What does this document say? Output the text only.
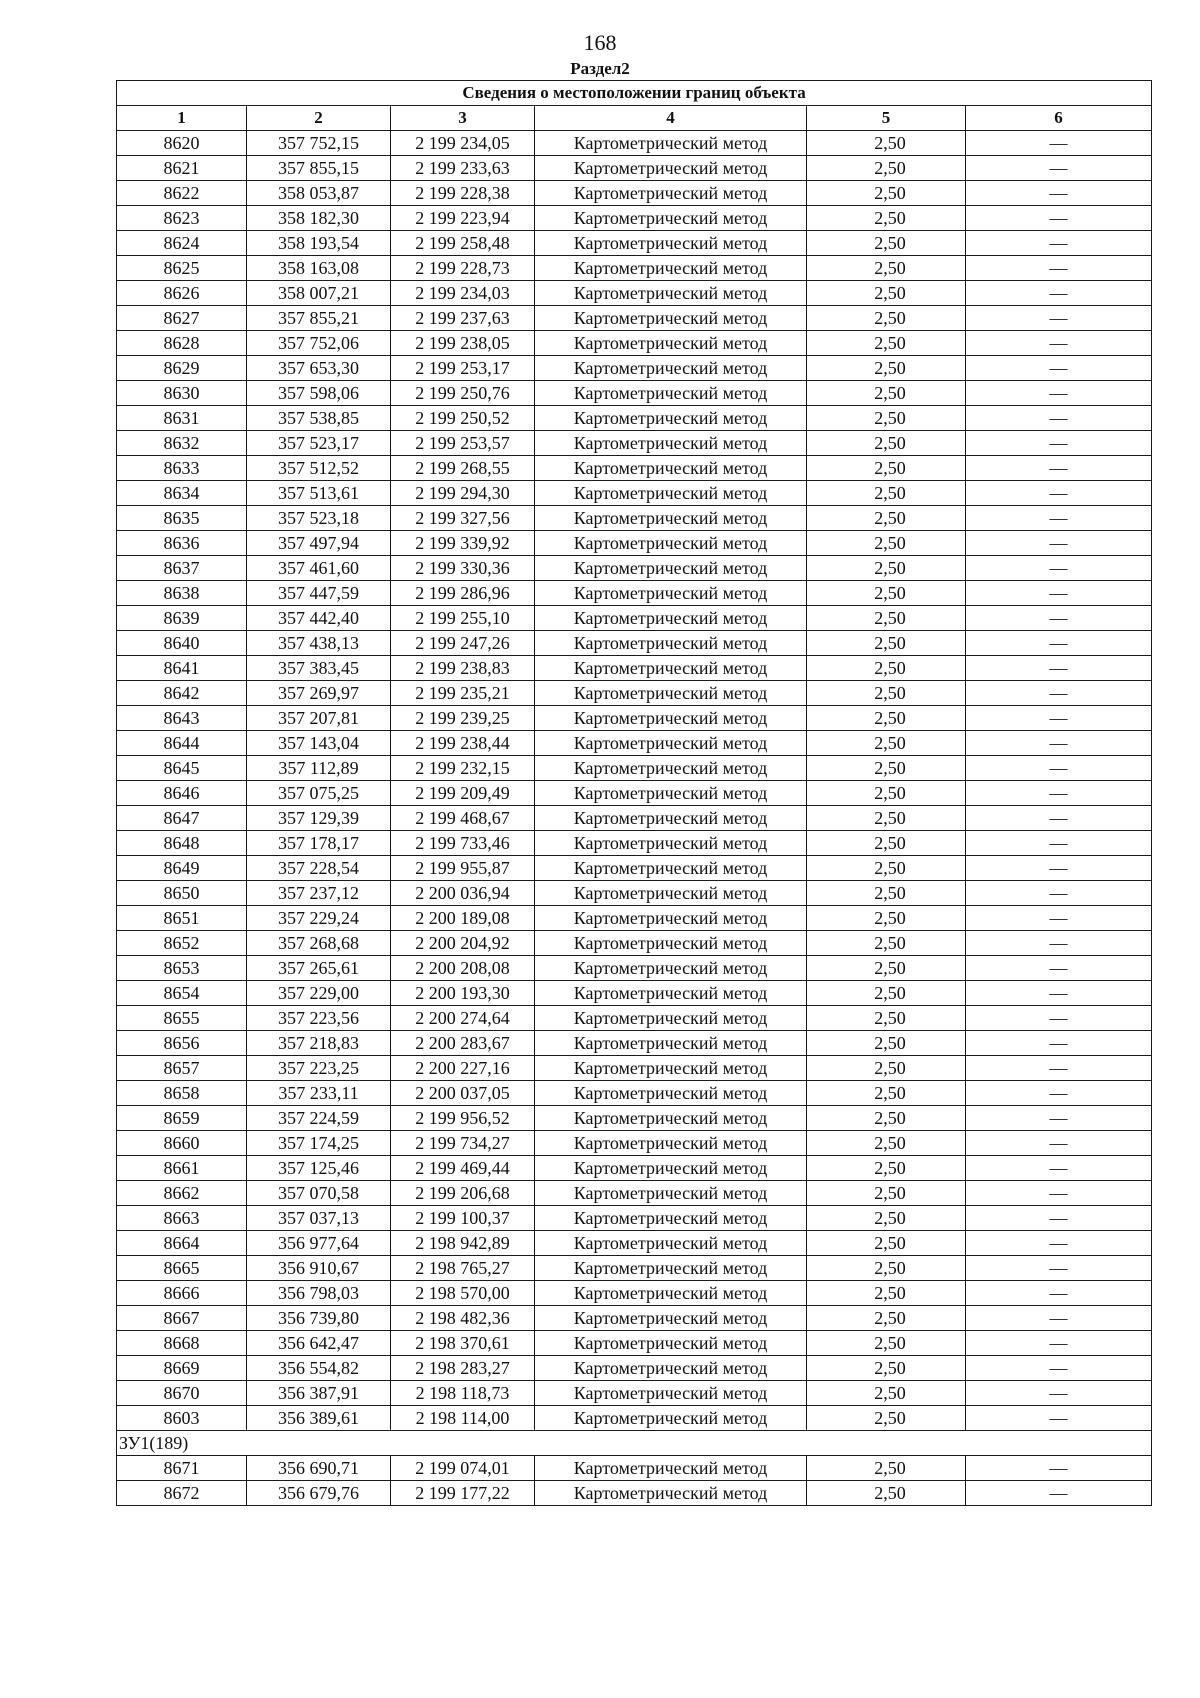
168
Раздел2
Сведения о местоположении границ объекта					
1	2	3	4	5	6
8620	357 752,15	2 199 234,05	Картометрический метод	2,50	—
8621	357 855,15	2 199 233,63	Картометрический метод	2,50	—
8622	358 053,87	2 199 228,38	Картометрический метод	2,50	—
8623	358 182,30	2 199 223,94	Картометрический метод	2,50	—
8624	358 193,54	2 199 258,48	Картометрический метод	2,50	—
8625	358 163,08	2 199 228,73	Картометрический метод	2,50	—
8626	358 007,21	2 199 234,03	Картометрический метод	2,50	—
8627	357 855,21	2 199 237,63	Картометрический метод	2,50	—
8628	357 752,06	2 199 238,05	Картометрический метод	2,50	—
8629	357 653,30	2 199 253,17	Картометрический метод	2,50	—
8630	357 598,06	2 199 250,76	Картометрический метод	2,50	—
8631	357 538,85	2 199 250,52	Картометрический метод	2,50	—
8632	357 523,17	2 199 253,57	Картометрический метод	2,50	—
8633	357 512,52	2 199 268,55	Картометрический метод	2,50	—
8634	357 513,61	2 199 294,30	Картометрический метод	2,50	—
8635	357 523,18	2 199 327,56	Картометрический метод	2,50	—
8636	357 497,94	2 199 339,92	Картометрический метод	2,50	—
8637	357 461,60	2 199 330,36	Картометрический метод	2,50	—
8638	357 447,59	2 199 286,96	Картометрический метод	2,50	—
8639	357 442,40	2 199 255,10	Картометрический метод	2,50	—
8640	357 438,13	2 199 247,26	Картометрический метод	2,50	—
8641	357 383,45	2 199 238,83	Картометрический метод	2,50	—
8642	357 269,97	2 199 235,21	Картометрический метод	2,50	—
8643	357 207,81	2 199 239,25	Картометрический метод	2,50	—
8644	357 143,04	2 199 238,44	Картометрический метод	2,50	—
8645	357 112,89	2 199 232,15	Картометрический метод	2,50	—
8646	357 075,25	2 199 209,49	Картометрический метод	2,50	—
8647	357 129,39	2 199 468,67	Картометрический метод	2,50	—
8648	357 178,17	2 199 733,46	Картометрический метод	2,50	—
8649	357 228,54	2 199 955,87	Картометрический метод	2,50	—
8650	357 237,12	2 200 036,94	Картометрический метод	2,50	—
8651	357 229,24	2 200 189,08	Картометрический метод	2,50	—
8652	357 268,68	2 200 204,92	Картометрический метод	2,50	—
8653	357 265,61	2 200 208,08	Картометрический метод	2,50	—
8654	357 229,00	2 200 193,30	Картометрический метод	2,50	—
8655	357 223,56	2 200 274,64	Картометрический метод	2,50	—
8656	357 218,83	2 200 283,67	Картометрический метод	2,50	—
8657	357 223,25	2 200 227,16	Картометрический метод	2,50	—
8658	357 233,11	2 200 037,05	Картометрический метод	2,50	—
8659	357 224,59	2 199 956,52	Картометрический метод	2,50	—
8660	357 174,25	2 199 734,27	Картометрический метод	2,50	—
8661	357 125,46	2 199 469,44	Картометрический метод	2,50	—
8662	357 070,58	2 199 206,68	Картометрический метод	2,50	—
8663	357 037,13	2 199 100,37	Картометрический метод	2,50	—
8664	356 977,64	2 198 942,89	Картометрический метод	2,50	—
8665	356 910,67	2 198 765,27	Картометрический метод	2,50	—
8666	356 798,03	2 198 570,00	Картометрический метод	2,50	—
8667	356 739,80	2 198 482,36	Картометрический метод	2,50	—
8668	356 642,47	2 198 370,61	Картометрический метод	2,50	—
8669	356 554,82	2 198 283,27	Картометрический метод	2,50	—
8670	356 387,91	2 198 118,73	Картометрический метод	2,50	—
8603	356 389,61	2 198 114,00	Картометрический метод	2,50	—
ЗУ1(189)					
8671	356 690,71	2 199 074,01	Картометрический метод	2,50	—
8672	356 679,76	2 199 177,22	Картометрический метод	2,50	—
